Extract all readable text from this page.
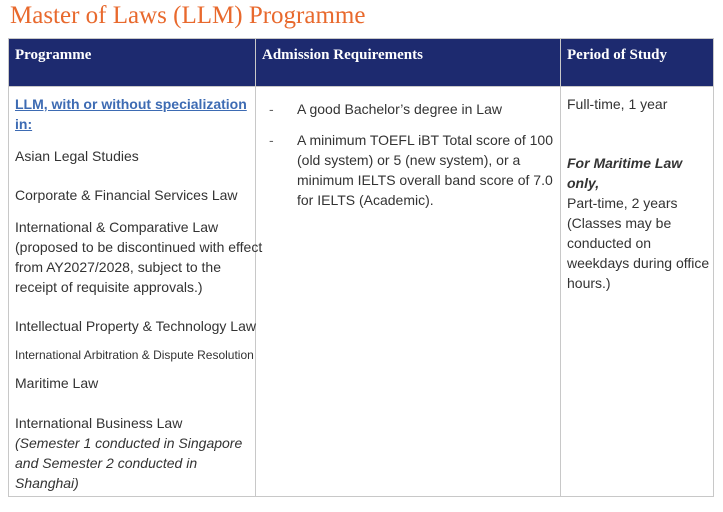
Master of Laws (LLM) Programme
Programme	Admission Requirements	Period of Study
LLM, with or without specialization
in:
Asian Legal Studies
Corporate & Financial Services Law
International & Comparative Law
(proposed to be discontinued with effect
from AY2027/2028, subject to the
receipt of requisite approvals.)
Intellectual Property & Technology Law
International Arbitration & Dispute Resolution
Maritime Law
International Business Law
(Semester 1 conducted in Singapore
and Semester 2 conducted in
Shanghai)
- A good Bachelor’s degree in Law
- A minimum TOEFL iBT Total score of 100
(old system) or 5 (new system), or a
minimum IELTS overall band score of 7.0
for IELTS (Academic).
Full-time, 1 year
For Maritime Law
only,
Part-time, 2 years
(Classes may be
conducted on
weekdays during office
hours.)
